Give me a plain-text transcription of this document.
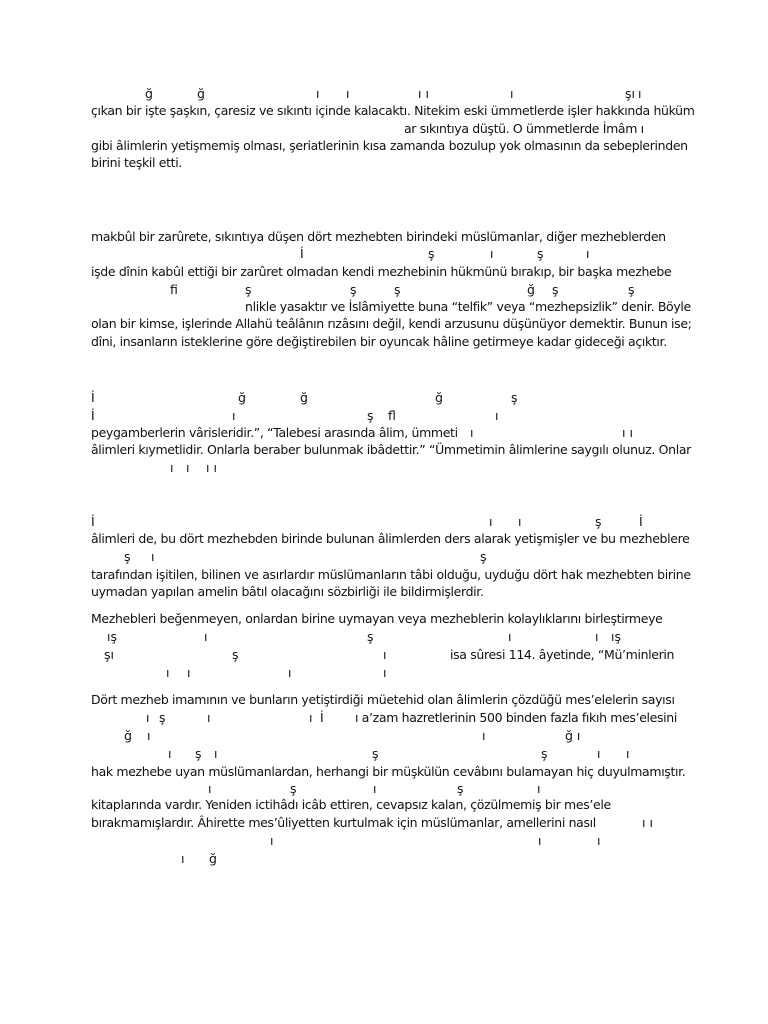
ğ	ğ	ı ı	ı ı	ı	şı ı
çıkan bir işte şaşkın, çaresiz ve sıkıntı içinde kalacaktı. Nitekim eski ümmetlerde işler hakkında hüküm
ar sıkıntıya düştü. O ümmetlerde İmâm ı
gibi âlimlerin yetişmemiş olması, şeriatlerinin kısa zamanda bozulup yok olmasının da sebeplerinden
birini teşkil etti.
makbûl bir zarûrete, sıkıntıya düşen dört mezhebten birindeki müslümanlar, diğer mezheblerden
İ	ş	ı	ş	ı
işde dînin kabûl ettiği bir zarûret olmadan kendi mezhebinin hükmünü bırakıp, bir başka mezhebe
fi	ş	ş	ş	ğ ş	ş
nlikle yasaktır ve İslâmiyette buna “telfik” veya “mezhepsizlik” denir. Böyle
olan bir kimse, işlerinde Allahü teâlânın rızâsını değil, kendi arzusunu düşünüyor demektir. Bunun ise;
dîni, insanların isteklerine göre değiştirebilen bir oyuncak hâline getirmeye kadar gideceği açıktır.
İ	ğ	ğ	ğ	ş
İ	ı	ş fl	ı
peygamberlerin vârisleridir.”, “Talebesi arasında âlim, ümmeti ı	ı ı
âlimleri kıymetlidir. Onlarla beraber bulunmak ibâdettir.” “Ümmetimin âlimlerine saygılı olunuz. Onlar
ı ı ı ı
İ	ı ı	ş	İ
âlimleri de, bu dört mezhebden birinde bulunan âlimlerden ders alarak yetişmişler ve bu mezheblere
ş ı	ş
tarafından işitilen, bilinen ve asırlardır müslümanların tâbi olduğu, uyduğu dört hak mezhebten birine
uymadan yapılan amelin bâtıl olacağını sözbirliği ile bildirmişlerdir.
Mezhebleri beğenmeyen, onlardan birine uymayan veya mezheblerin kolaylıklarını birleştirmeye
ış	ı	ş	ı	ı ış
şı	ş	ı	isa sûresi 114. âyetinde, “Mü’minlerin
ı ı	ı	ı
Dört mezheb imamının ve bunların yetiştirdiği müetehid olan âlimlerin çözdüğü mes’elelerin sayısı
ı ş	ı	ı İ	ı a’zam hazretlerinin 500 binden fazla fıkıh mes’elesini
ğ ı	ı	ğ ı
ı ş ı	ş	ş	ı ı
hak mezhebe uyan müslümanlardan, herhangi bir müşkülün cevâbını bulamayan hiç duyulmamıştır.
ı	ş	ı	ş	ı
kitaplarında vardır. Yeniden ictihâdı icâb ettiren, cevapsız kalan, çözülmemiş bir mes’ele
bırakmamışlardır. Âhirette mes’ûliyetten kurtulmak için müslümanlar, amellerini nasıl	ı ı
ı	ı	ı
ı ğ
